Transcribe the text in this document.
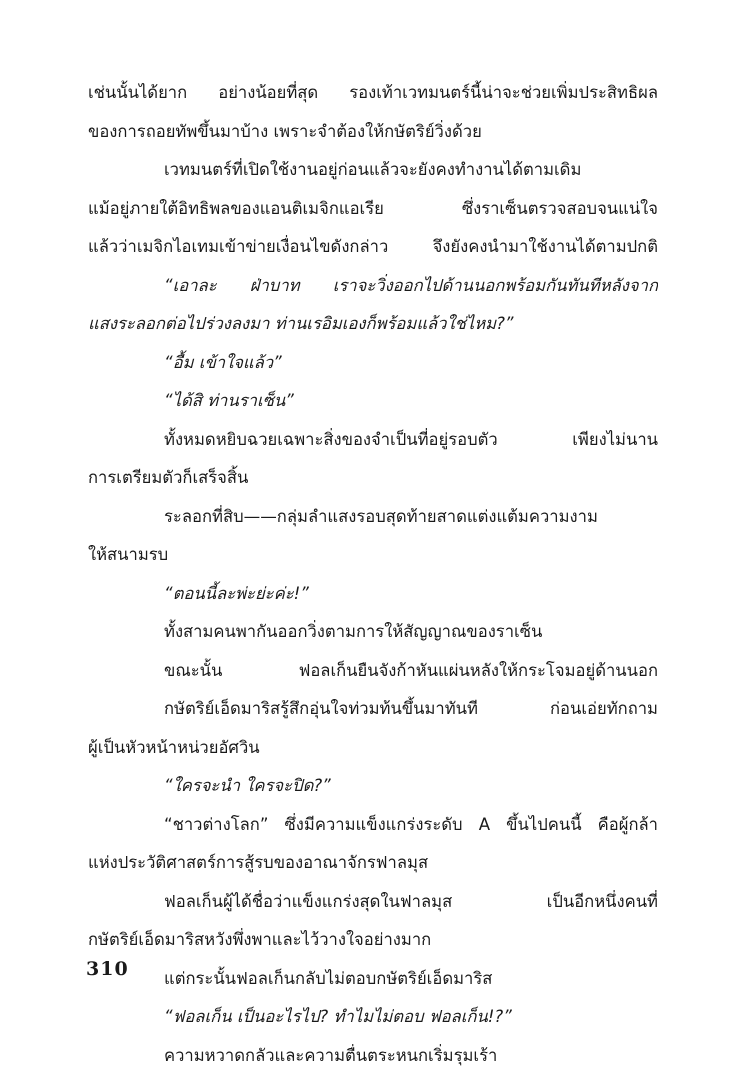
เช่นนั้นได้ยาก อย่างน้อยที่สุด รองเท้าเวทมนตร์นี้น่าจะช่วยเพิ่มประสิทธิผล
ของการถอยทัพขึ้นมาบ้าง เพราะจำต้องให้กษัตริย์วิ่งด้วย
เวทมนตร์ที่เปิดใช้งานอยู่ก่อนแล้วจะยังคงทำงานได้ตามเดิม
แม้อยู่ภายใต้อิทธิพลของแอนติเมจิกแอเรีย ซึ่งราเซ็นตรวจสอบจนแน่ใจ
แล้วว่าเมจิกไอเทมเข้าข่ายเงื่อนไขดังกล่าว จึงยังคงนำมาใช้งานได้ตามปกติ
“เอาละ ฝ่าบาท เราจะวิ่งออกไปด้านนอกพร้อมกันทันทีหลังจาก
แสงระลอกต่อไปร่วงลงมา ท่านเรอิมเองก็พร้อมแล้วใช่ไหม?”
“อื้ม เข้าใจแล้ว”
“ได้สิ ท่านราเซ็น”
ทั้งหมดหยิบฉวยเฉพาะสิ่งของจำเป็นที่อยู่รอบตัว เพียงไม่นาน
การเตรียมตัวก็เสร็จสิ้น
ระลอกที่สิบ——กลุ่มลำแสงรอบสุดท้ายสาดแต่งแต้มความงาม
ให้สนามรบ
“ตอนนี้ละพ่ะย่ะค่ะ!”
ทั้งสามคนพากันออกวิ่งตามการให้สัญญาณของราเซ็น
ขณะนั้น ฟอลเก็นยืนจังก้าหันแผ่นหลังให้กระโจมอยู่ด้านนอก
กษัตริย์เอ็ดมาริสรู้สึกอุ่นใจท่วมท้นขึ้นมาทันที ก่อนเอ่ยทักถาม
ผู้เป็นหัวหน้าหน่วยอัศวิน
“ใครจะนำ ใครจะปิด?”
“ชาวต่างโลก” ซึ่งมีความแข็งแกร่งระดับ A ขึ้นไปคนนี้ คือผู้กล้า
แห่งประวัติศาสตร์การสู้รบของอาณาจักรฟาลมุส
ฟอลเก็นผู้ได้ชื่อว่าแข็งแกร่งสุดในฟาลมุส เป็นอีกหนึ่งคนที่
กษัตริย์เอ็ดมาริสหวังพึ่งพาและไว้วางใจอย่างมาก
แต่กระนั้นฟอลเก็นกลับไม่ตอบกษัตริย์เอ็ดมาริส
“ฟอลเก็น เป็นอะไรไป? ทำไมไม่ตอบ ฟอลเก็น!?”
ความหวาดกลัวและความตื่นตระหนกเริ่มรุมเร้า
310
